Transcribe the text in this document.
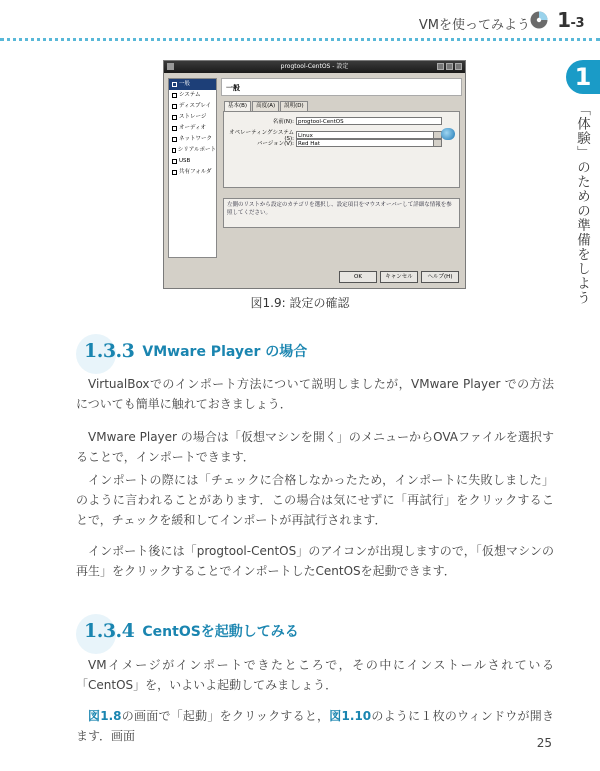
VMを使ってみよう 1-3
1
「体験」のための準備をしよう
progtool-CentOS - 設定
一般
システム
ディスプレイ
ストレージ
オーディオ
ネットワーク
シリアルポート
USB
共有フォルダ
一般
基本(B)	高度(A)	説明(D)
名前(N): progtool-CentOS
オペレーティングシステム(S): Linux
バージョン(V): Red Hat
左側のリストから設定のカテゴリを選択し、設定項目をマウスオーバーして詳細な情報を参照してください。
OK	キャンセル	ヘルプ(H)
図1.9: 設定の確認
1.3.3 VMware Player の場合
VirtualBoxでのインポート方法について説明しましたが，VMware Player での方法についても簡単に触れておきましょう．
VMware Player の場合は「仮想マシンを開く」のメニューからOVAファイルを選択することで，インポートできます．
インポートの際には「チェックに合格しなかったため，インポートに失敗しました」のように言われることがあります．この場合は気にせずに「再試行」をクリックすることで，チェックを緩和してインポートが再試行されます．
インポート後には「progtool-CentOS」のアイコンが出現しますので，「仮想マシンの再生」をクリックすることでインポートしたCentOSを起動できます．
1.3.4 CentOSを起動してみる
VMイメージがインポートできたところで，その中にインストールされている「CentOS」を，いよいよ起動してみましょう．
図1.8の画面で「起動」をクリックすると，図1.10のように１枚のウィンドウが開きます．画面	25
